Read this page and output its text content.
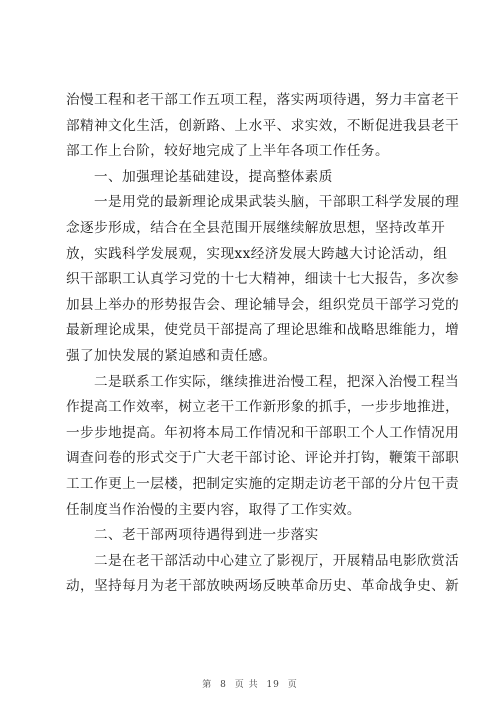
治慢工程和老干部工作五项工程，落实两项待遇，努力丰富老干
部精神文化生活，创新路、上水平、求实效，不断促进我县老干
部工作上台阶，较好地完成了上半年各项工作任务。
一、加强理论基础建设，提高整体素质
一是用党的最新理论成果武装头脑，干部职工科学发展的理
念逐步形成，结合在全县范围开展继续解放思想，坚持改革开
放，实践科学发展观，实现xx经济发展大跨越大讨论活动，组
织干部职工认真学习党的十七大精神，细读十七大报告，多次参
加县上举办的形势报告会、理论辅导会，组织党员干部学习党的
最新理论成果，使党员干部提高了理论思维和战略思维能力，增
强了加快发展的紧迫感和责任感。
二是联系工作实际，继续推进治慢工程，把深入治慢工程当
作提高工作效率，树立老干工作新形象的抓手，一步步地推进，
一步步地提高。年初将本局工作情况和干部职工个人工作情况用
调查问卷的形式交于广大老干部讨论、评论并打钩，鞭策干部职
工工作更上一层楼，把制定实施的定期走访老干部的分片包干责
任制度当作治慢的主要内容，取得了工作实效。
二、老干部两项待遇得到进一步落实
二是在老干部活动中心建立了影视厅，开展精品电影欣赏活
动，坚持每月为老干部放映两场反映革命历史、革命战争史、新
第 8 页 共 19 页
